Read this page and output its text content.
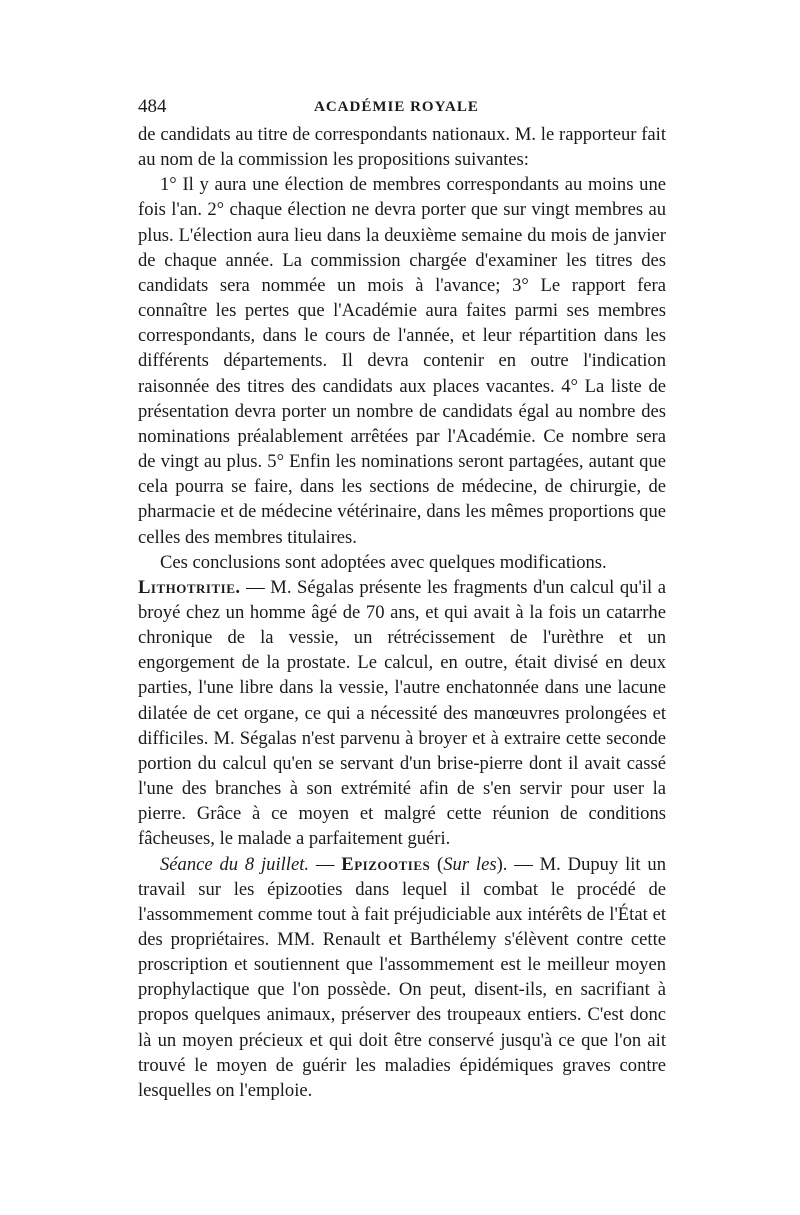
484	ACADÉMIE ROYALE

de candidats au titre de correspondants nationaux. M. le rapporteur fait au nom de la commission les propositions suivantes:

1° Il y aura une élection de membres correspondants au moins une fois l'an. 2° chaque élection ne devra porter que sur vingt membres au plus. L'élection aura lieu dans la deuxième semaine du mois de janvier de chaque année. La commission chargée d'examiner les titres des candidats sera nommée un mois à l'avance; 3° Le rapport fera connaître les pertes que l'Académie aura faites parmi ses membres correspondants, dans le cours de l'année, et leur répartition dans les différents départements. Il devra contenir en outre l'indication raisonnée des titres des candidats aux places vacantes. 4° La liste de présentation devra porter un nombre de candidats égal au nombre des nominations préalablement arrêtées par l'Académie. Ce nombre sera de vingt au plus. 5° Enfin les nominations seront partagées, autant que cela pourra se faire, dans les sections de médecine, de chirurgie, de pharmacie et de médecine vétérinaire, dans les mêmes proportions que celles des membres titulaires.

Ces conclusions sont adoptées avec quelques modifications.

Lithotritie. — M. Ségalas présente les fragments d'un calcul qu'il a broyé chez un homme âgé de 70 ans, et qui avait à la fois un catarrhe chronique de la vessie, un rétrécissement de l'urèthre et un engorgement de la prostate. Le calcul, en outre, était divisé en deux parties, l'une libre dans la vessie, l'autre enchatonnée dans une lacune dilatée de cet organe, ce qui a nécessité des manœuvres prolongées et difficiles. M. Ségalas n'est parvenu à broyer et à extraire cette seconde portion du calcul qu'en se servant d'un brise-pierre dont il avait cassé l'une des branches à son extrémité afin de s'en servir pour user la pierre. Grâce à ce moyen et malgré cette réunion de conditions fâcheuses, le malade a parfaitement guéri.

Séance du 8 juillet. — Epizooties (Sur les). — M. Dupuy lit un travail sur les épizooties dans lequel il combat le procédé de l'assommement comme tout à fait préjudiciable aux intérêts de l'État et des propriétaires. MM. Renault et Barthélemy s'élèvent contre cette proscription et soutiennent que l'assommement est le meilleur moyen prophylactique que l'on possède. On peut, disent-ils, en sacrifiant à propos quelques animaux, préserver des troupeaux entiers. C'est donc là un moyen précieux et qui doit être conservé jusqu'à ce que l'on ait trouvé le moyen de guérir les maladies épidémiques graves contre lesquelles on l'emploie.
